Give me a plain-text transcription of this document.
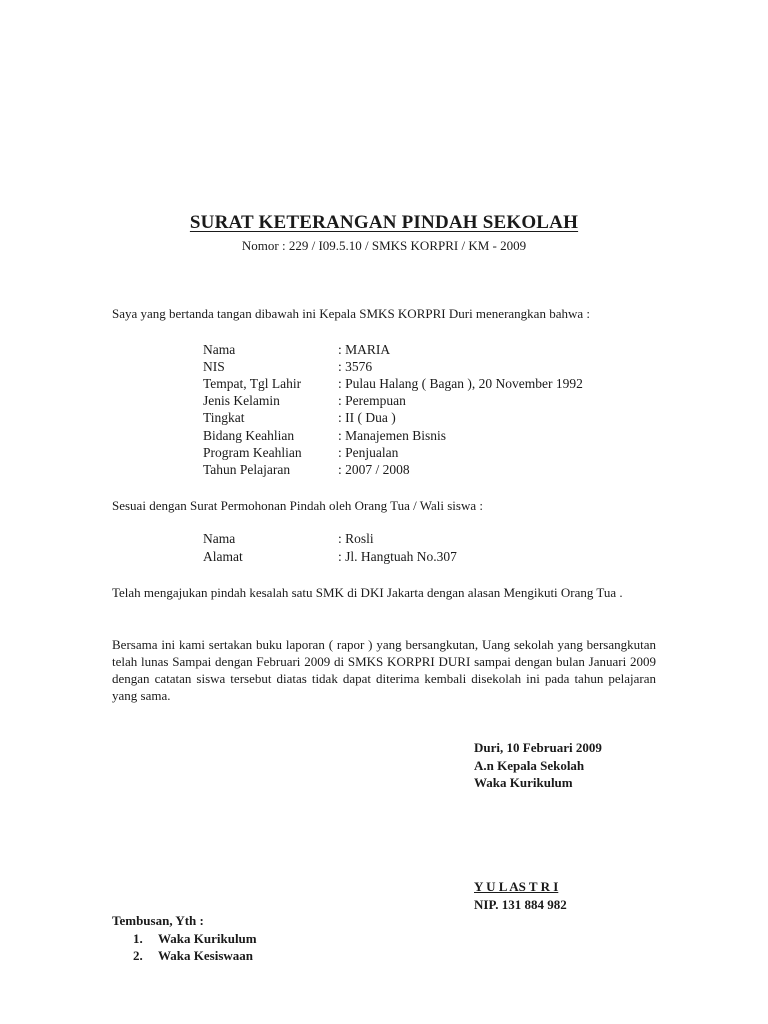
SURAT KETERANGAN PINDAH SEKOLAH
Nomor : 229 / I09.5.10 / SMKS KORPRI / KM - 2009
Saya yang bertanda tangan dibawah ini Kepala SMKS KORPRI Duri menerangkan bahwa :
Nama	: MARIA
NIS	: 3576
Tempat, Tgl Lahir	: Pulau Halang ( Bagan ), 20 November 1992
Jenis Kelamin	: Perempuan
Tingkat	: II ( Dua )
Bidang Keahlian	: Manajemen Bisnis
Program Keahlian	: Penjualan
Tahun Pelajaran	: 2007 / 2008
Sesuai dengan Surat Permohonan Pindah oleh Orang Tua / Wali siswa :
Nama	: Rosli
Alamat	: Jl. Hangtuah No.307
Telah mengajukan pindah kesalah satu SMK di DKI Jakarta dengan alasan Mengikuti Orang Tua .
Bersama ini kami sertakan buku laporan ( rapor ) yang bersangkutan, Uang sekolah yang bersangkutan telah lunas Sampai dengan Februari 2009 di SMKS KORPRI DURI sampai dengan bulan Januari 2009 dengan catatan siswa tersebut diatas tidak dapat diterima kembali disekolah ini pada tahun pelajaran yang sama.
Duri, 10 Februari 2009
A.n Kepala Sekolah
Waka Kurikulum
Y U L AS T R I
NIP. 131 884 982
Tembusan, Yth :
1.	Waka Kurikulum
2.	Waka Kesiswaan
